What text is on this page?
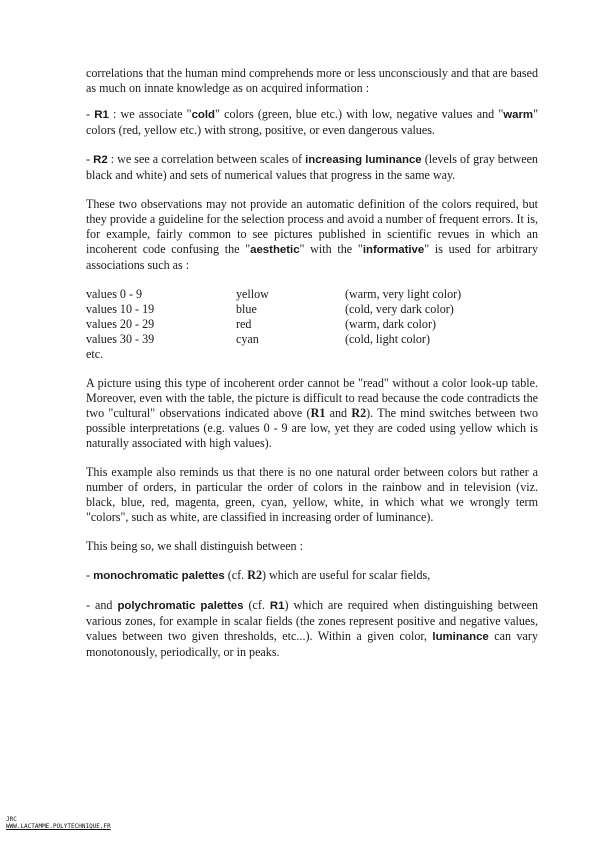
correlations that the human mind comprehends more or less unconsciously and that are based as much on innate knowledge as on acquired information :

- R1 : we associate "cold" colors (green, blue etc.) with low, negative values and "warm" colors (red, yellow etc.) with strong, positive, or even dangerous values.

- R2 : we see a correlation between scales of increasing luminance (levels of gray between black and white) and sets of numerical values that progress in the same way.

These two observations may not provide an automatic definition of the colors required, but they provide a guideline for the selection process and avoid a number of frequent errors. It is, for example, fairly common to see pictures published in scientific revues in which an incoherent code confusing the "aesthetic" with the "informative" is used for arbitrary associations such as :

values 0 - 9	yellow	(warm, very light color)
values 10 - 19	blue	(cold, very dark color)
values 20 - 29	red	(warm, dark color)
values 30 - 39	cyan	(cold, light color)
etc.

A picture using this type of incoherent order cannot be "read" without a color look-up table. Moreover, even with the table, the picture is difficult to read because the code contradicts the two "cultural" observations indicated above (R1 and R2). The mind switches between two possible interpretations (e.g. values 0 - 9 are low, yet they are coded using yellow which is naturally associated with high values).

This example also reminds us that there is no one natural order between colors but rather a number of orders, in particular the order of colors in the rainbow and in television (viz. black, blue, red, magenta, green, cyan, yellow, white, in which what we wrongly term "colors", such as white, are classified in increasing order of luminance).

This being so, we shall distinguish between :

- monochromatic palettes (cf. R2) which are useful for scalar fields,

- and polychromatic palettes (cf. R1) which are required when distinguishing between various zones, for example in scalar fields (the zones represent positive and negative values, values between two given thresholds, etc...). Within a given color, luminance can vary monotonously, periodically, or in peaks.

JRC
WWW.LACTAMME.POLYTECHNIQUE.FR
